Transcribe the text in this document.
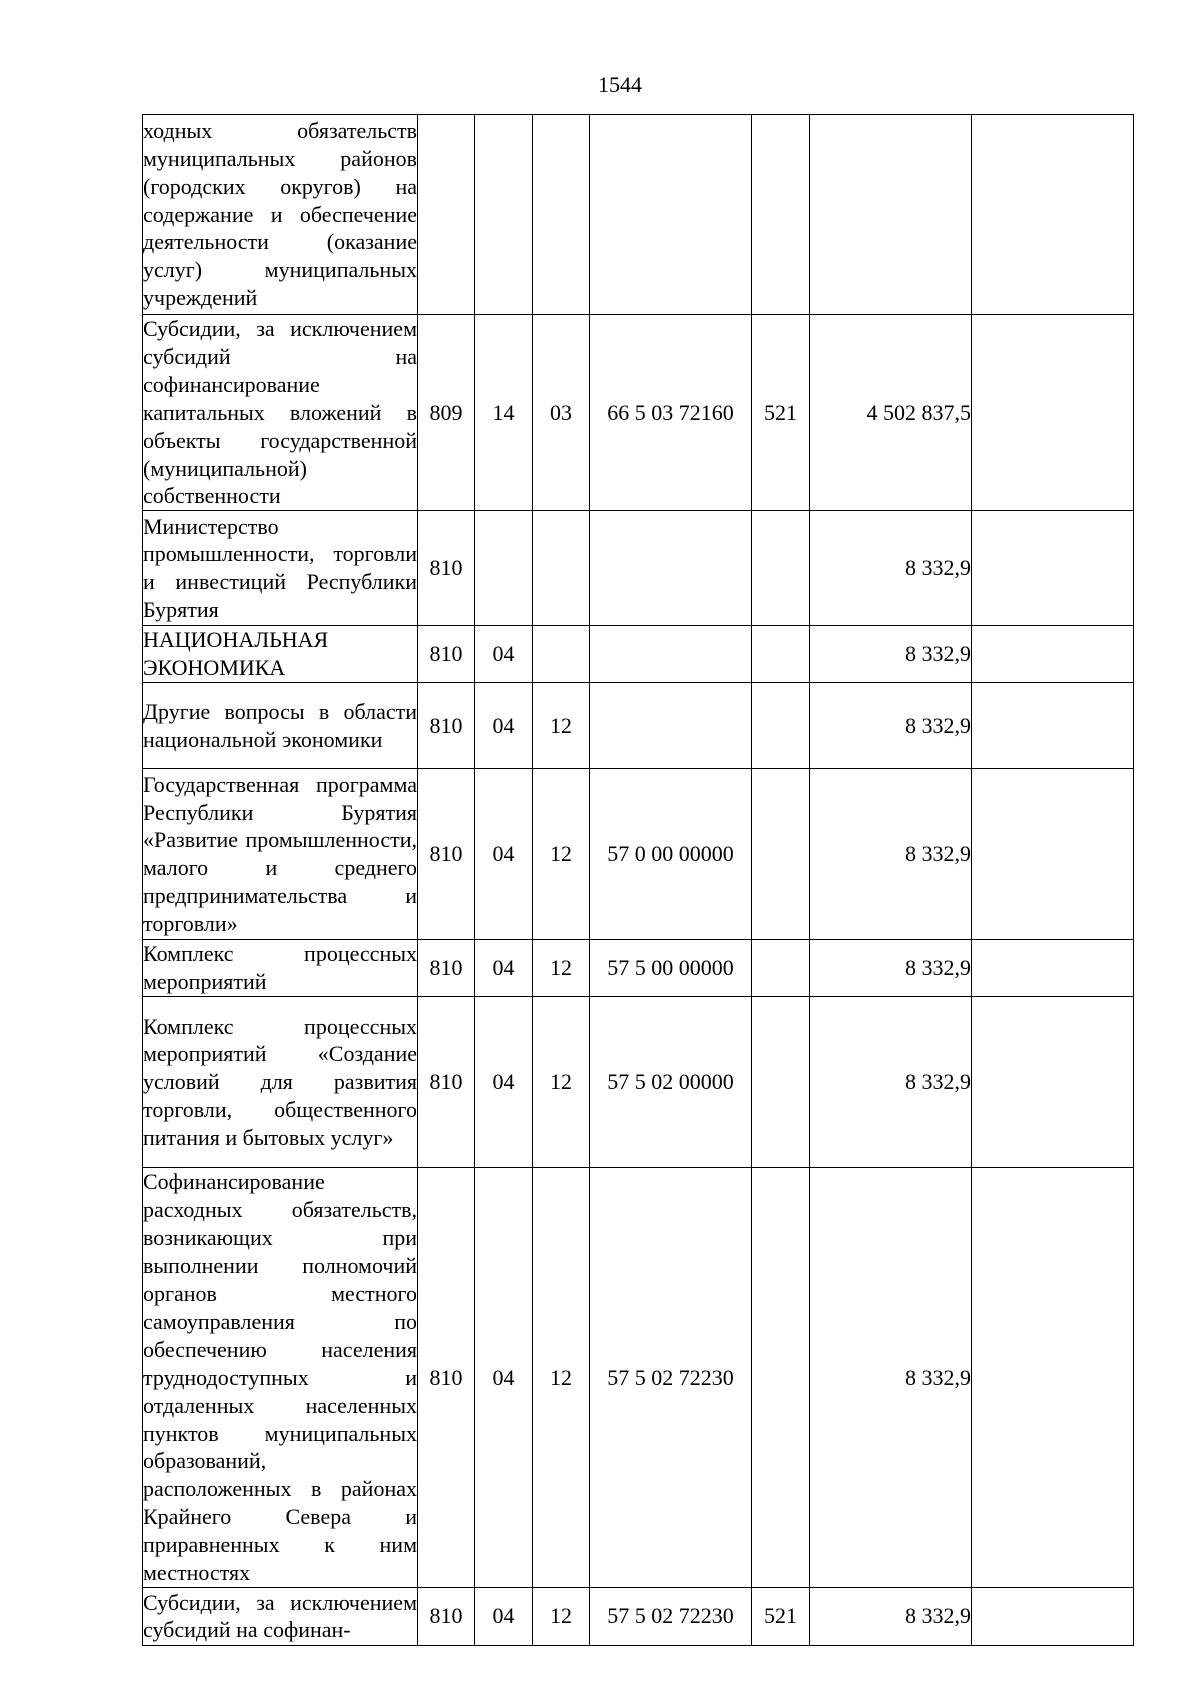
1544
ходных обязательств муниципальных районов (городских округов) на содержание и обеспечение деятельности (оказание услуг) муниципальных учреждений							
Субсидии, за исключением субсидий на софинансирование капитальных вложений в объекты государственной (муниципальной) собственности	809	14	03	66 5 03 72160	521	4 502 837,5	
Министерство промышленности, торговли и инвестиций Республики Бурятия	810					8 332,9	
НАЦИОНАЛЬНАЯ ЭКОНОМИКА	810	04				8 332,9	
Другие вопросы в области национальной экономики	810	04	12			8 332,9	
Государственная программа Республики Бурятия «Развитие промышленности, малого и среднего предпринимательства и торговли»	810	04	12	57 0 00 00000		8 332,9	
Комплекс процессных мероприятий	810	04	12	57 5 00 00000		8 332,9	
Комплекс процессных мероприятий «Создание условий для развития торговли, общественного питания и бытовых услуг»	810	04	12	57 5 02 00000		8 332,9	
Софинансирование расходных обязательств, возникающих при выполнении полномочий органов местного самоуправления по обеспечению населения труднодоступных и отдаленных населенных пунктов муниципальных образований, расположенных в районах Крайнего Севера и приравненных к ним местностях	810	04	12	57 5 02 72230		8 332,9	
Субсидии, за исключением субсидий на софинан-	810	04	12	57 5 02 72230	521	8 332,9	
